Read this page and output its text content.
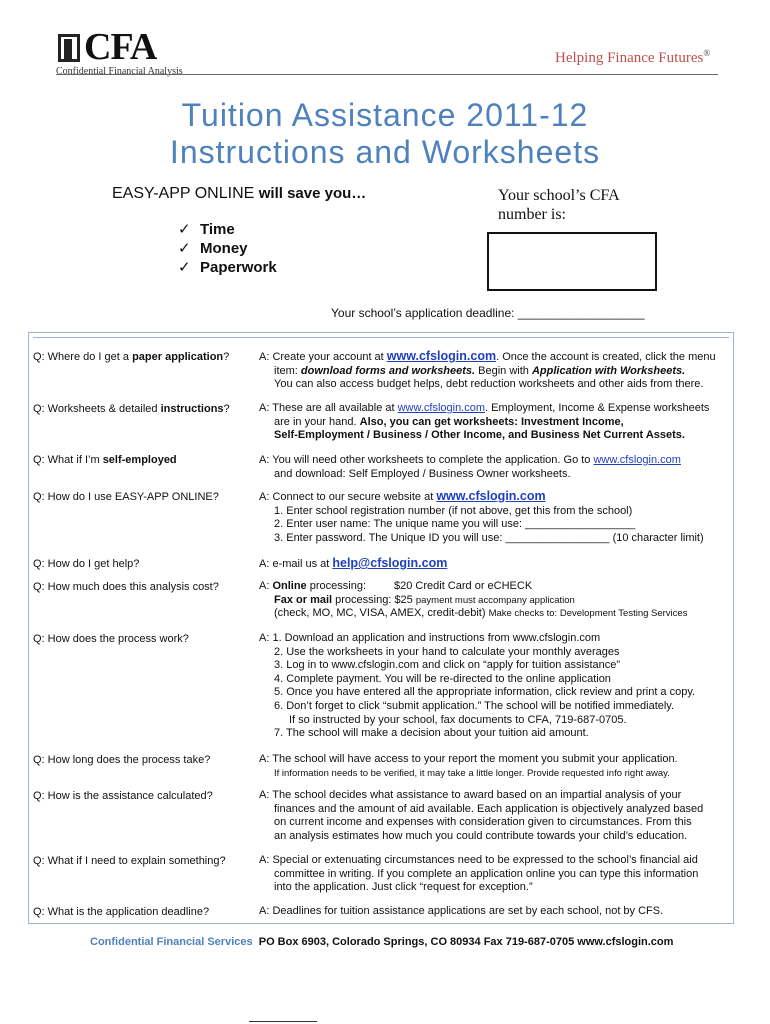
CFA
Confidential Financial Analysis
Helping Finance Futures®
Tuition Assistance 2011-12
Instructions and Worksheets
EASY-APP ONLINE will save you…
✓ Time
✓ Money
✓ Paperwork
Your school’s CFA
number is:
Your school’s application deadline: ___________________
Q: Where do I get a paper application?	A: Create your account at www.cfslogin.com. Once the account is created, click the menu
item: download forms and worksheets. Begin with Application with Worksheets.
You can also access budget helps, debt reduction worksheets and other aids from there.
Q: Worksheets & detailed instructions?	A: These are all available at www.cfslogin.com. Employment, Income & Expense worksheets
are in your hand. Also, you can get worksheets: Investment Income,
Self-Employment / Business / Other Income, and Business Net Current Assets.
Q: What if I’m self-employed	A: You will need other worksheets to complete the application. Go to www.cfslogin.com
and download: Self Employed / Business Owner worksheets.
Q: How do I use EASY-APP ONLINE?	A: Connect to our secure website at www.cfslogin.com
1. Enter school registration number (if not above, get this from the school)
2. Enter user name: The unique name you will use: __________________
3. Enter password. The Unique ID you will use: _________________ (10 character limit)
Q: How do I get help?	A: e-mail us at help@cfslogin.com
Q: How much does this analysis cost?	A: Online processing:	$20 Credit Card or eCHECK
Fax or mail processing: $25 payment must accompany application
(check, MO, MC, VISA, AMEX, credit-debit) Make checks to: Development Testing Services
Q: How does the process work?	A: 1. Download an application and instructions from www.cfslogin.com
2. Use the worksheets in your hand to calculate your monthly averages
3. Log in to www.cfslogin.com and click on “apply for tuition assistance”
4. Complete payment. You will be re-directed to the online application
5. Once you have entered all the appropriate information, click review and print a copy.
6. Don’t forget to click “submit application.” The school will be notified immediately.
If so instructed by your school, fax documents to CFA, 719-687-0705.
7. The school will make a decision about your tuition aid amount.
Q: How long does the process take?	A: The school will have access to your report the moment you submit your application.
If information needs to be verified, it may take a little longer. Provide requested info right away.
Q: How is the assistance calculated?	A: The school decides what assistance to award based on an impartial analysis of your
finances and the amount of aid available. Each application is objectively analyzed based
on current income and expenses with consideration given to circumstances. From this
an analysis estimates how much you could contribute towards your child’s education.
Q: What if I need to explain something?	A: Special or extenuating circumstances need to be expressed to the school’s financial aid
committee in writing. If you complete an application online you can type this information
into the application. Just click “request for exception.”
Q: What is the application deadline?	A: Deadlines for tuition assistance applications are set by each school, not by CFS.
Confidential Financial Services PO Box 6903, Colorado Springs, CO 80934 Fax 719-687-0705 www.cfslogin.com
